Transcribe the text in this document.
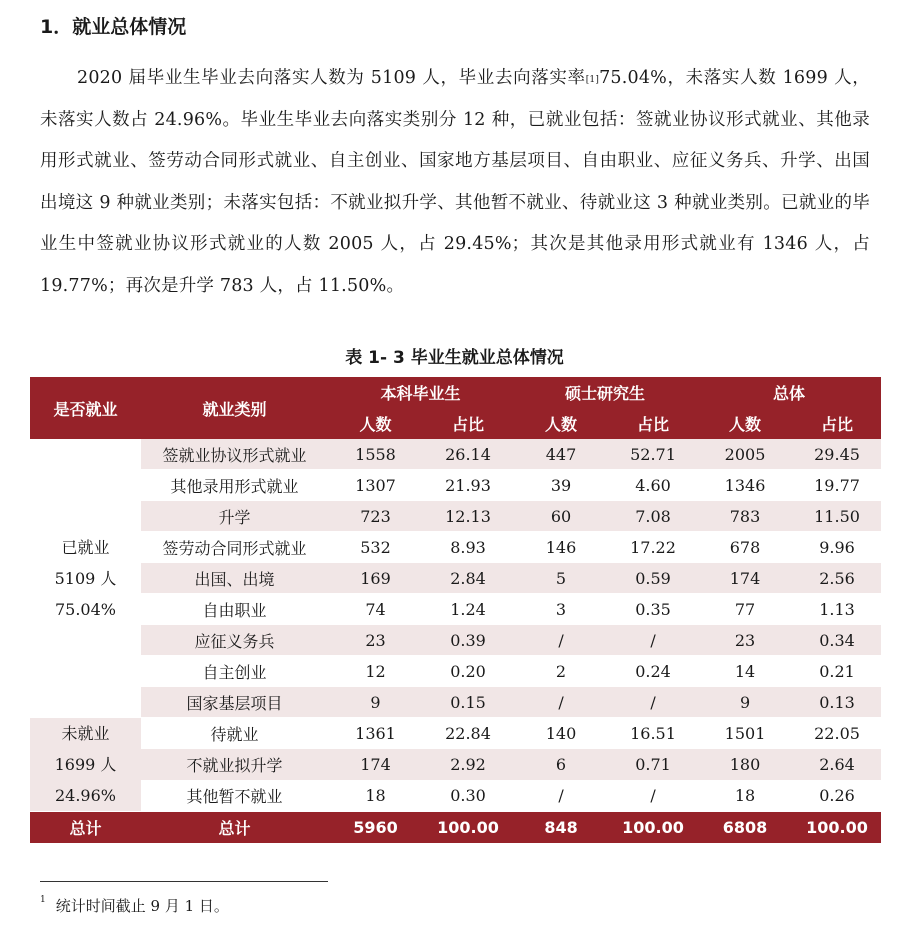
1．就业总体情况
2020 届毕业生毕业去向落实人数为 5109 人，毕业去向落实率[1]75.04%，未落实人数 1699 人，未落实人数占 24.96%。毕业生毕业去向落实类别分 12 种，已就业包括：签就业协议形式就业、其他录用形式就业、签劳动合同形式就业、自主创业、国家地方基层项目、自由职业、应征义务兵、升学、出国出境这 9 种就业类别；未落实包括：不就业拟升学、其他暂不就业、待就业这 3 种就业类别。已就业的毕业生中签就业协议形式就业的人数 2005 人，占 29.45%；其次是其他录用形式就业有 1346 人，占 19.77%；再次是升学 783 人，占 11.50%。
表 1- 3 毕业生就业总体情况
是否就业	就业类别	本科毕业生		硕士研究生		总体	
		人数	占比	人数	占比	人数	占比

已就业
5109 人
75.04%	签就业协议形式就业	1558	26.14	447	52.71	2005	29.45
	其他录用形式就业	1307	21.93	39	4.60	1346	19.77
	升学	723	12.13	60	7.08	783	11.50
	签劳动合同形式就业	532	8.93	146	17.22	678	9.96
	出国、出境	169	2.84	5	0.59	174	2.56
	自由职业	74	1.24	3	0.35	77	1.13
	应征义务兵	23	0.39	/	/	23	0.34
	自主创业	12	0.20	2	0.24	14	0.21
	国家基层项目	9	0.15	/	/	9	0.13

未就业
1699 人
24.96%	待就业	1361	22.84	140	16.51	1501	22.05
	不就业拟升学	174	2.92	6	0.71	180	2.64
	其他暂不就业	18	0.30	/	/	18	0.26
总计	总计	5960	100.00	848	100.00	6808	100.00
$^1$ 统计时间截止 9 月 1 日。
